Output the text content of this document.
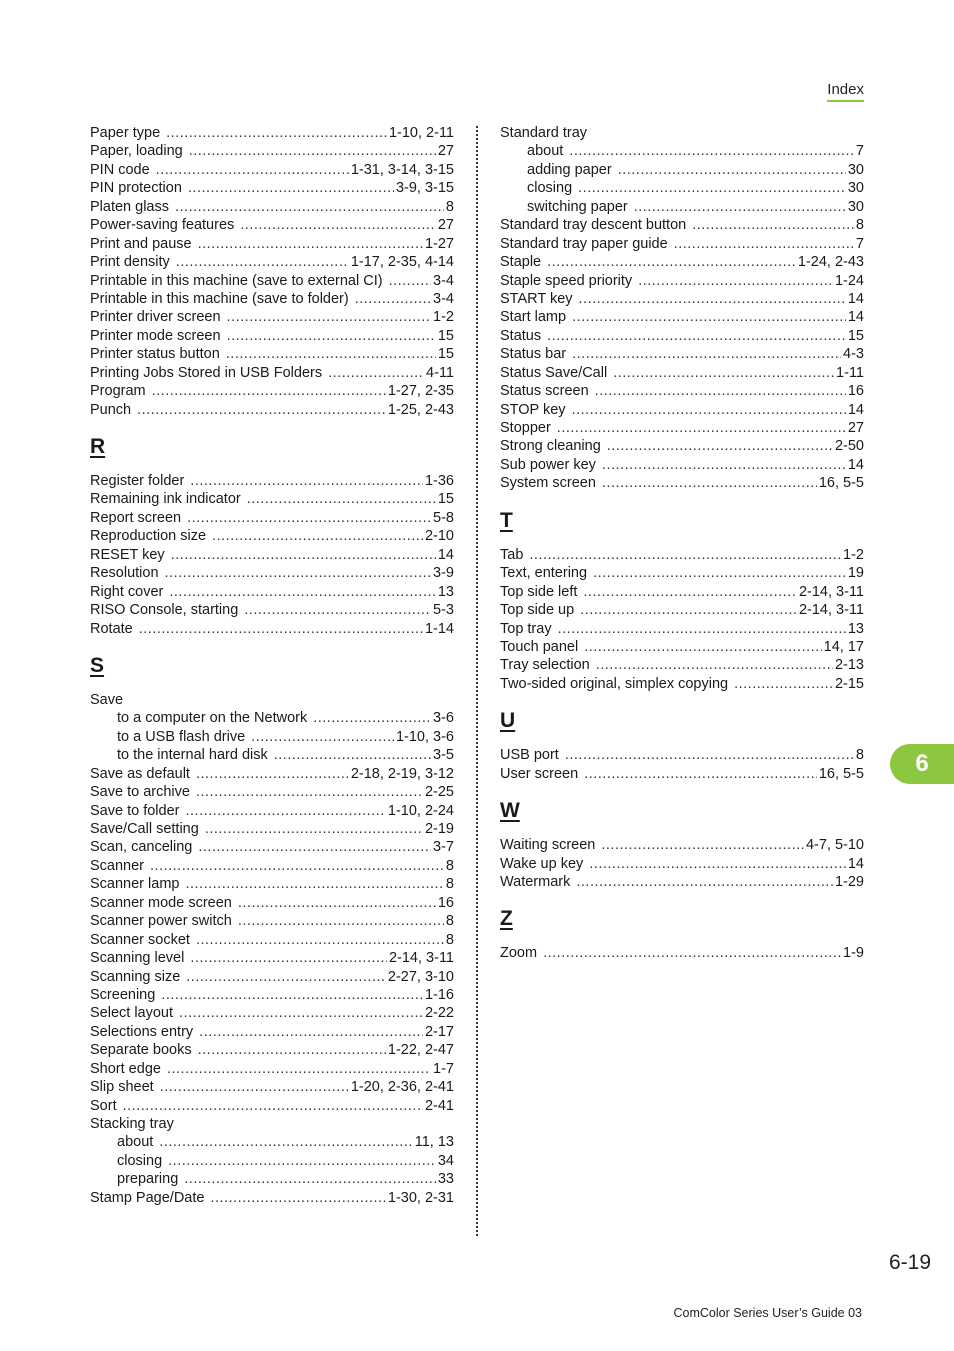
Index
Paper type .....	1-10, 2-11
Paper, loading .....	27
PIN code .....	1-31, 3-14, 3-15
PIN protection .....	3-9, 3-15
Platen glass .....	8
Power-saving features .....	27
Print and pause .....	1-27
Print density .....	1-17, 2-35, 4-14
Printable in this machine (save to external CI) .....	3-4
Printable in this machine (save to folder) .....	3-4
Printer driver screen .....	1-2
Printer mode screen .....	15
Printer status button .....	15
Printing Jobs Stored in USB Folders .....	4-11
Program .....	1-27, 2-35
Punch .....	1-25, 2-43
R
Register folder .....	1-36
Remaining ink indicator .....	15
Report screen .....	5-8
Reproduction size .....	2-10
RESET key .....	14
Resolution .....	3-9
Right cover .....	13
RISO Console, starting .....	5-3
Rotate .....	1-14
S
Save
to a computer on the Network .....	3-6
to a USB flash drive .....	1-10, 3-6
to the internal hard disk .....	3-5
Save as default .....	2-18, 2-19, 3-12
Save to archive .....	2-25
Save to folder .....	1-10, 2-24
Save/Call setting .....	2-19
Scan, canceling .....	3-7
Scanner .....	8
Scanner lamp .....	8
Scanner mode screen .....	16
Scanner power switch .....	8
Scanner socket .....	8
Scanning level .....	2-14, 3-11
Scanning size .....	2-27, 3-10
Screening .....	1-16
Select layout .....	2-22
Selections entry .....	2-17
Separate books .....	1-22, 2-47
Short edge .....	1-7
Slip sheet .....	1-20, 2-36, 2-41
Sort .....	2-41
Stacking tray
about .....	11, 13
closing .....	34
preparing .....	33
Stamp Page/Date .....	1-30, 2-31
Standard tray
about .....	7
adding paper .....	30
closing .....	30
switching paper .....	30
Standard tray descent button .....	8
Standard tray paper guide .....	7
Staple .....	1-24, 2-43
Staple speed priority .....	1-24
START key .....	14
Start lamp .....	14
Status .....	15
Status bar .....	4-3
Status Save/Call .....	1-11
Status screen .....	16
STOP key .....	14
Stopper .....	27
Strong cleaning .....	2-50
Sub power key .....	14
System screen .....	16, 5-5
T
Tab .....	1-2
Text, entering .....	19
Top side left .....	2-14, 3-11
Top side up .....	2-14, 3-11
Top tray .....	13
Touch panel .....	14, 17
Tray selection .....	2-13
Two-sided original, simplex copying .....	2-15
U
USB port .....	8
User screen .....	16, 5-5
W
Waiting screen .....	4-7, 5-10
Wake up key .....	14
Watermark .....	1-29
Z
Zoom .....	1-9
6
6-19
ComColor Series User’s Guide 03
